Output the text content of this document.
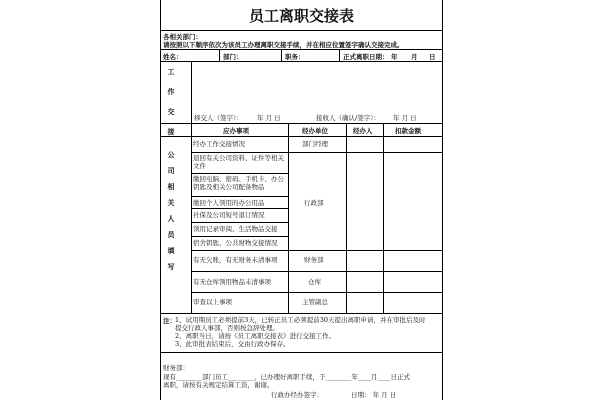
员工离职交接表
各相关部门：
请按照以下顺序依次为该员工办理离职交接手续，并在相应位置签字确认交接完成。
姓名：	部门：	职务：	正式离职日期： 年 月 日
工
作
交
接
移交人（签字）： 年 月 日	接收人（确认/签字）： 年 月 日
应办事项	经办单位	经办人	扣款金额
公
司
相
关
人
员
填
写
经办工作交接情况	部门经理
退回有关公司资料、证件等相关文件
缴回电脑、密码、手机卡、办公钥匙及相关公司配备物品
缴回个人领用的办公用品	行政部
社保及公司短号退订情况
领用记录审阅、生活物品交接
宿舍钥匙、公共财物交接情况
有无欠账，有无财务未清事项	财务部
有无仓库领用物品未清事项	仓库
审查以上事项	主管副总
注： 1、试用期员工必须提前3天，已转正员工必须提前30天提出离职申请，并在审批后及时
提交行政人事部，否则按急辞处理。
2、离职当日，请按《员工离职交接表》进行交接工作。
3、此审批表结束后，交由行政办保存。
财务部：
现有________部门员工________，已办理好离职手续，于________年____月____日正式
离职，请按有关规定结算工资，谢谢。
行政办经办签字：	日期： 年 月 日
